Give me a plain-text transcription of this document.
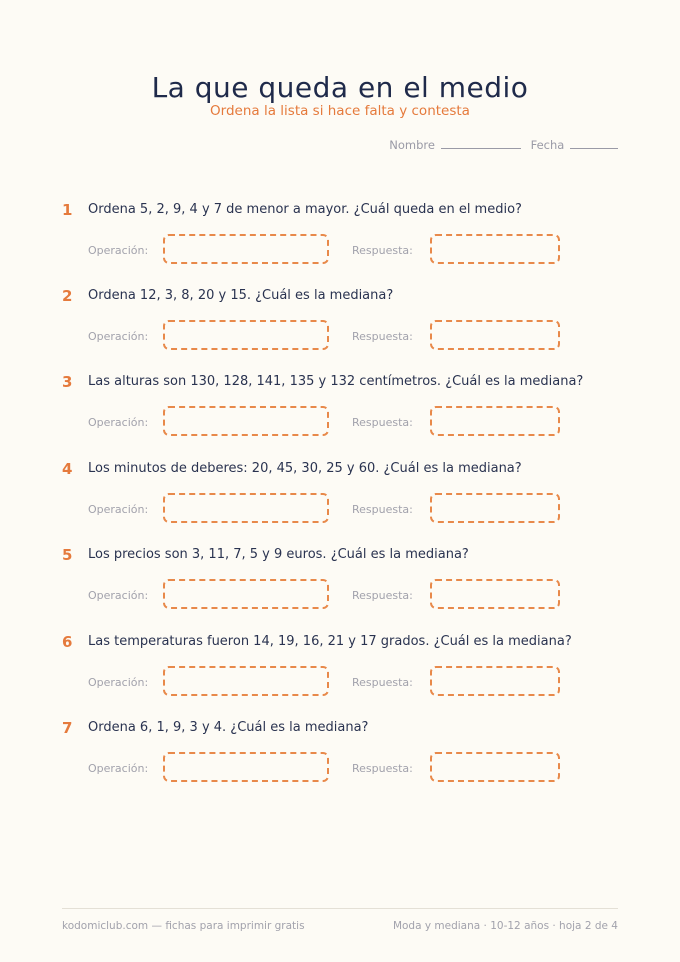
La que queda en el medio
Ordena la lista si hace falta y contesta
Nombre	Fecha
1 Ordena 5, 2, 9, 4 y 7 de menor a mayor. ¿Cuál queda en el medio?
Operación:	Respuesta:
2 Ordena 12, 3, 8, 20 y 15. ¿Cuál es la mediana?
Operación:	Respuesta:
3 Las alturas son 130, 128, 141, 135 y 132 centímetros. ¿Cuál es la mediana?
Operación:	Respuesta:
4 Los minutos de deberes: 20, 45, 30, 25 y 60. ¿Cuál es la mediana?
Operación:	Respuesta:
5 Los precios son 3, 11, 7, 5 y 9 euros. ¿Cuál es la mediana?
Operación:	Respuesta:
6 Las temperaturas fueron 14, 19, 16, 21 y 17 grados. ¿Cuál es la mediana?
Operación:	Respuesta:
7 Ordena 6, 1, 9, 3 y 4. ¿Cuál es la mediana?
Operación:	Respuesta:
kodomiclub.com — fichas para imprimir gratis	Moda y mediana · 10-12 años · hoja 2 de 4
